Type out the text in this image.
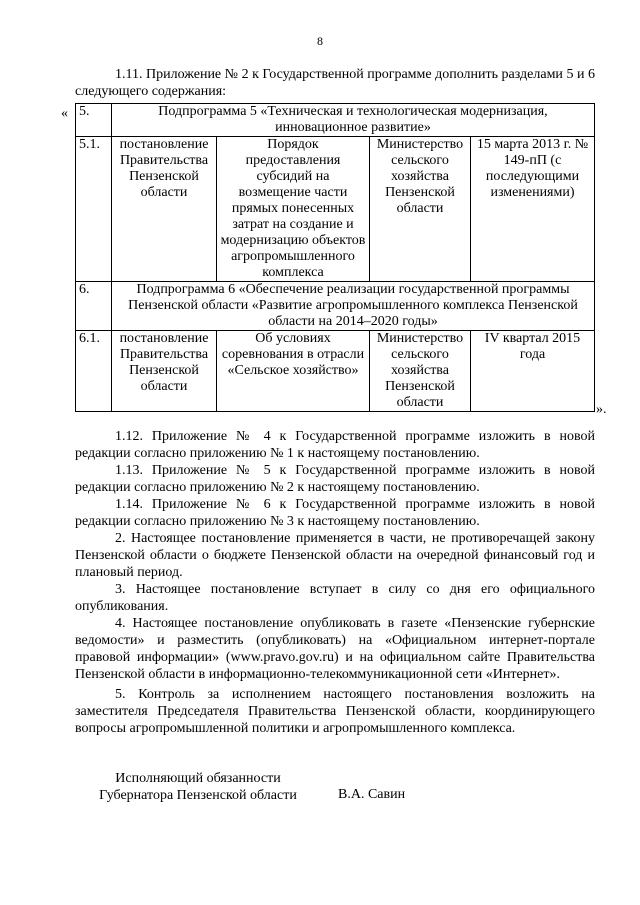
8
1.11. Приложение № 2 к Государственной программе дополнить разделами 5 и 6 следующего содержания:
« 5.	Подпрограмма 5 «Техническая и технологическая модернизация, инновационное развитие»			
5.1.	постановление Правительства Пензенской области	Порядок предоставления субсидий на возмещение части прямых понесенных затрат на создание и модернизацию объектов агропромышленного комплекса	Министерство сельского хозяйства Пензенской области	15 марта 2013 г. № 149-пП (с последующими изменениями)
6.	Подпрограмма 6 «Обеспечение реализации государственной программы Пензенской области «Развитие агропромышленного комплекса Пензенской области на 2014–2020 годы»			
6.1.	постановление Правительства Пензенской области	Об условиях соревнования в отрасли «Сельское хозяйство»	Министерство сельского хозяйства Пензенской области	IV квартал 2015 года
».
1.12. Приложение № 4 к Государственной программе изложить в новой редакции согласно приложению № 1 к настоящему постановлению.
1.13. Приложение № 5 к Государственной программе изложить в новой редакции согласно приложению № 2 к настоящему постановлению.
1.14. Приложение № 6 к Государственной программе изложить в новой редакции согласно приложению № 3 к настоящему постановлению.
2. Настоящее постановление применяется в части, не противоречащей закону Пензенской области о бюджете Пензенской области на очередной финансовый год и плановый период.
3. Настоящее постановление вступает в силу со дня его официального опубликования.
4. Настоящее постановление опубликовать в газете «Пензенские губернские ведомости» и разместить (опубликовать) на «Официальном интернет-портале правовой информации» (www.pravo.gov.ru) и на официальном сайте Правительства Пензенской области в информационно-телекоммуникационной сети «Интернет».
5. Контроль за исполнением настоящего постановления возложить на заместителя Председателя Правительства Пензенской области, координирующего вопросы агропромышленной политики и агропромышленного комплекса.
Исполняющий обязанности
Губернатора Пензенской области	В.А. Савин
